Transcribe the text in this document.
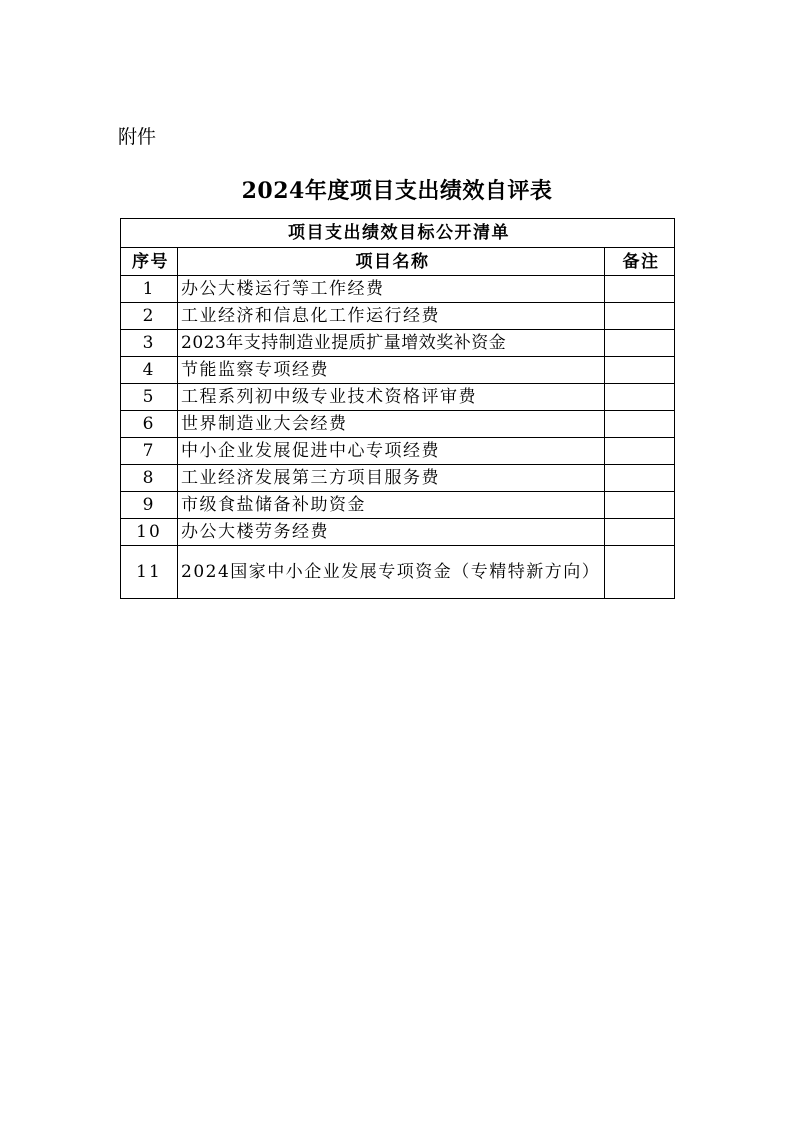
附件
2024年度项目支出绩效自评表
项目支出绩效目标公开清单		
序号	项目名称	备注
1	办公大楼运行等工作经费	
2	工业经济和信息化工作运行经费	
3	2023年支持制造业提质扩量增效奖补资金	
4	节能监察专项经费	
5	工程系列初中级专业技术资格评审费	
6	世界制造业大会经费	
7	中小企业发展促进中心专项经费	
8	工业经济发展第三方项目服务费	
9	市级食盐储备补助资金	
10	办公大楼劳务经费	
11	2024国家中小企业发展专项资金（专精特新方向）	
